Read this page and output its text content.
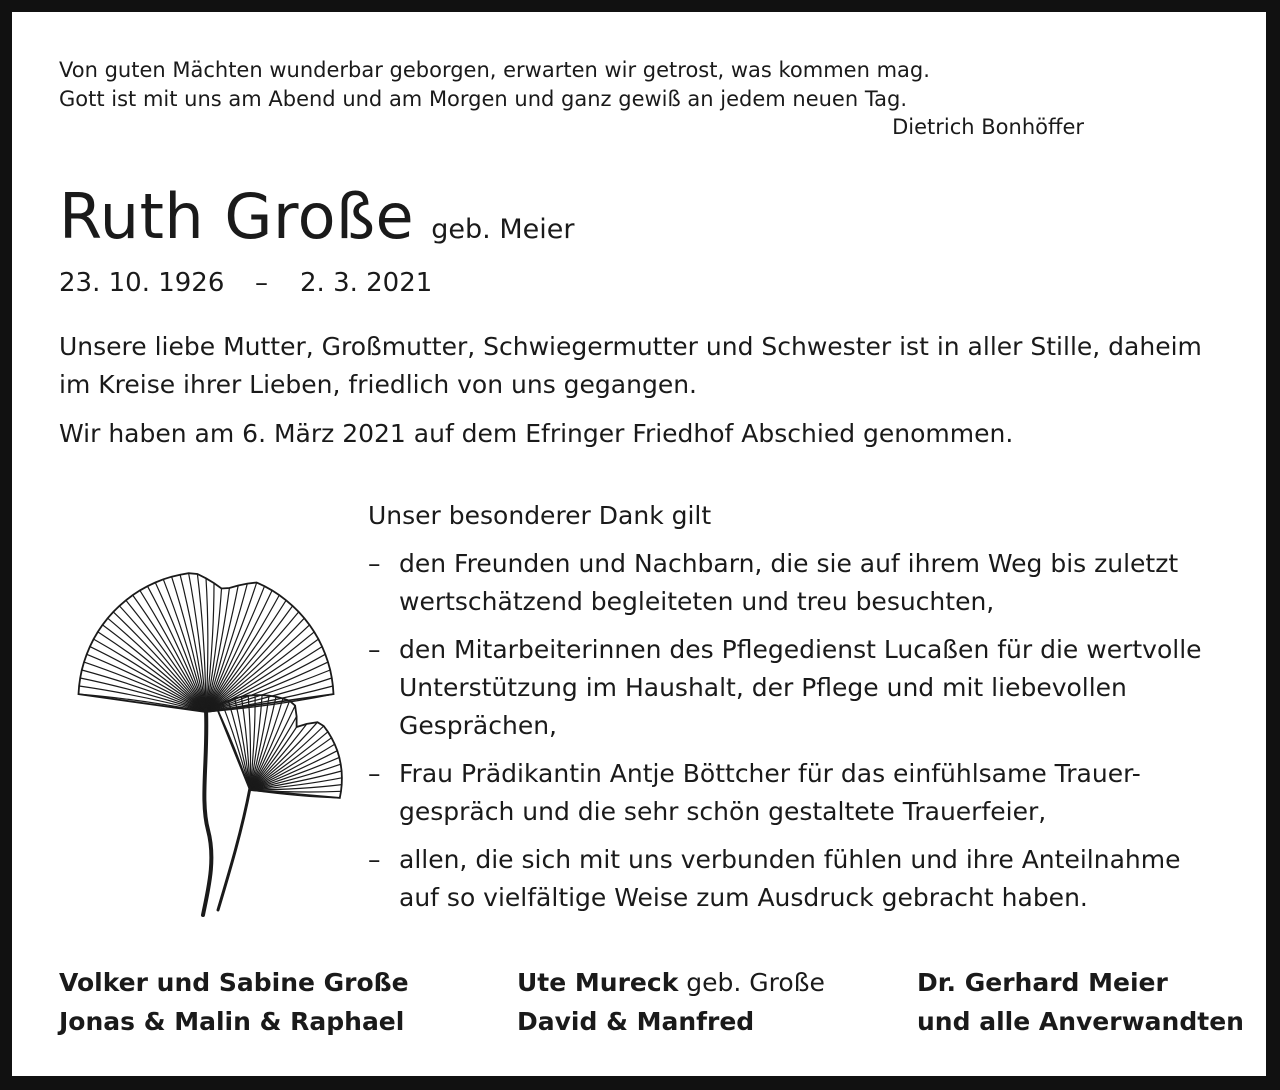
Von guten Mächten wunderbar geborgen, erwarten wir getrost, was kommen mag.

Gott ist mit uns am Abend und am Morgen und ganz gewiß an jedem neuen Tag.

Dietrich Bonhöffer

Ruth Große geb. Meier
23. 10. 1926 – 2. 3. 2021

Unsere liebe Mutter, Großmutter, Schwiegermutter und Schwester ist in aller Stille, daheim

im Kreise ihrer Lieben, friedlich von uns gegangen.

Wir haben am 6. März 2021 auf dem Efringer Friedhof Abschied genommen.

Unser besonderer Dank gilt

– den Freunden und Nachbarn, die sie auf ihrem Weg bis zuletzt
wertschätzend begleiteten und treu besuchten,
– den Mitarbeiterinnen des Pflegedienst Lucaßen für die wertvolle
Unterstützung im Haushalt, der Pflege und mit liebevollen
Gesprächen,
– Frau Prädikantin Antje Böttcher für das einfühlsame Trauer-
gespräch und die sehr schön gestaltete Trauerfeier,
– allen, die sich mit uns verbunden fühlen und ihre Anteilnahme
auf so vielfältige Weise zum Ausdruck gebracht haben.
Volker und Sabine Große
Jonas & Malin & Raphael
Ute Mureck geb. Große
David & Manfred
Dr. Gerhard Meier
und alle Anverwandten
